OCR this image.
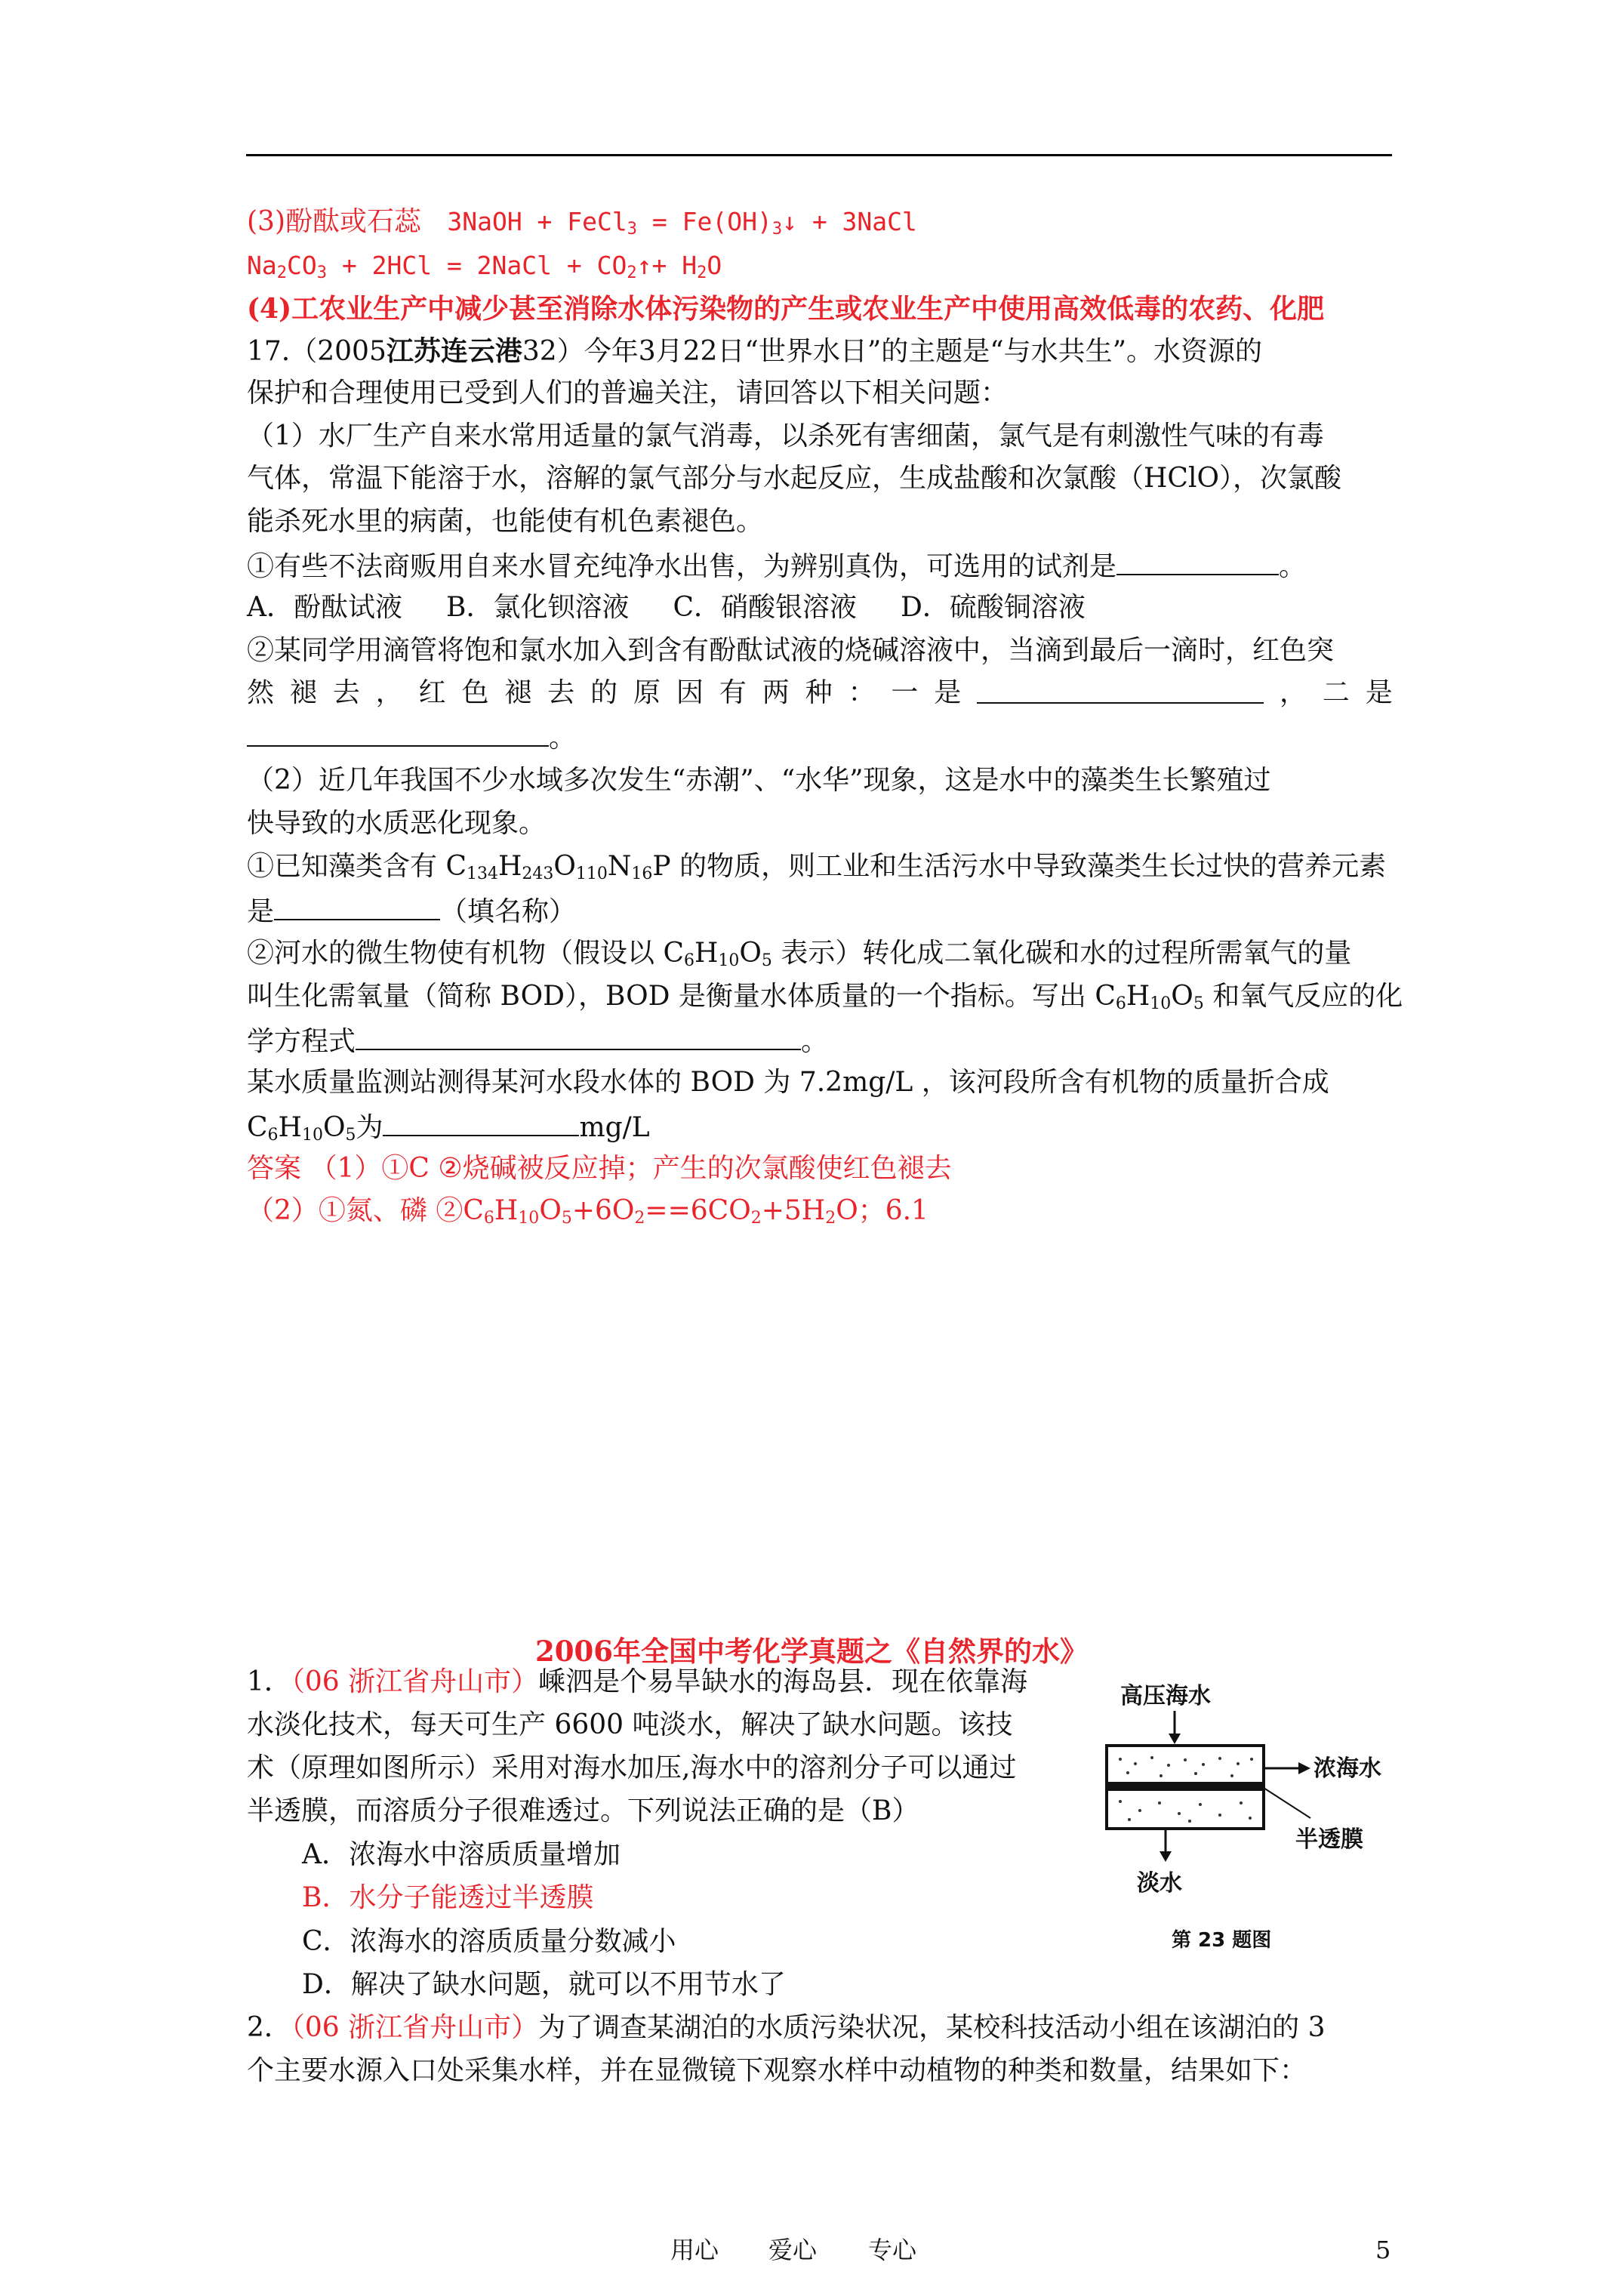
(3)酚酞或石蕊 3NaOH + FeCl$_3$ = $Fe(OH)_3↓$ + 3NaCl
$Na_2CO_3 + 2HCl$ = 2NaCl + $CO_2↑+ H_2O$
(4)工农业生产中减少甚至消除水体污染物的产生或农业生产中使用高效低毒的农药、化肥
17.（2005江苏连云港32）今年3月22日“世界水日”的主题是“与水共生”。水资源的
保护和合理使用已受到人们的普遍关注，请回答以下相关问题：
（1）水厂生产自来水常用适量的氯气消毒，以杀死有害细菌，氯气是有刺激性气味的有毒
气体，常温下能溶于水，溶解的氯气部分与水起反应，生成盐酸和次氯酸（HClO），次氯酸
能杀死水里的病菌，也能使有机色素褪色。
①有些不法商贩用自来水冒充纯净水出售，为辨别真伪，可选用的试剂是	。
A．酚酞试液 B．氯化钡溶液 C．硝酸银溶液 D．硫酸铜溶液
②某同学用滴管将饱和氯水加入到含有酚酞试液的烧碱溶液中，当滴到最后一滴时，红色突
然 褪 去 ， 红 色 褪 去 的 原 因 有 两 种 ： 一 是	， 二 是
。
（2）近几年我国不少水域多次发生“赤潮”、“水华”现象，这是水中的藻类生长繁殖过
快导致的水质恶化现象。
①已知藻类含有 $C_{134}H_{243}O_{110}N_{16}P$ 的物质，则工业和生活污水中导致藻类生长过快的营养元素
是	（填名称）
②河水的微生物使有机物（假设以 $C_6H_{10}O_5$ 表示）转化成二氧化碳和水的过程所需氧气的量
叫生化需氧量（简称 BOD），BOD 是衡量水体质量的一个指标。写出 $C_6H_{10}O_5$ 和氧气反应的化
学方程式	。
某水质量监测站测得某河水段水体的 BOD 为 7.2mg/L ，该河段所含有机物的质量折合成
$C_6H_{10}O_5$为	mg/L
答案 （1）①C ②烧碱被反应掉；产生的次氯酸使红色褪去
（2）①氮、磷 $②C_6H_{10}O_5+6O_2==6CO_2+5H_2O$；6.1
2006年全国中考化学真题之《自然界的水》
1．（06 浙江省舟山市）嵊泗是个易旱缺水的海岛县．现在依靠海
水淡化技术，每天可生产 6600 吨淡水，解决了缺水问题。该技
术（原理如图所示）采用对海水加压,海水中的溶剂分子可以通过
半透膜，而溶质分子很难透过。下列说法正确的是（B）
A．浓海水中溶质质量增加
B．水分子能透过半透膜
C．浓海水的溶质质量分数减小
D．解决了缺水问题，就可以不用节水了
高压海水
浓海水
半透膜
淡水
第 23 题图
2．（06 浙江省舟山市）为了调查某湖泊的水质污染状况，某校科技活动小组在该湖泊的 3
个主要水源入口处采集水样，并在显微镜下观察水样中动植物的种类和数量，结果如下：
用心 爱心 专心	5
